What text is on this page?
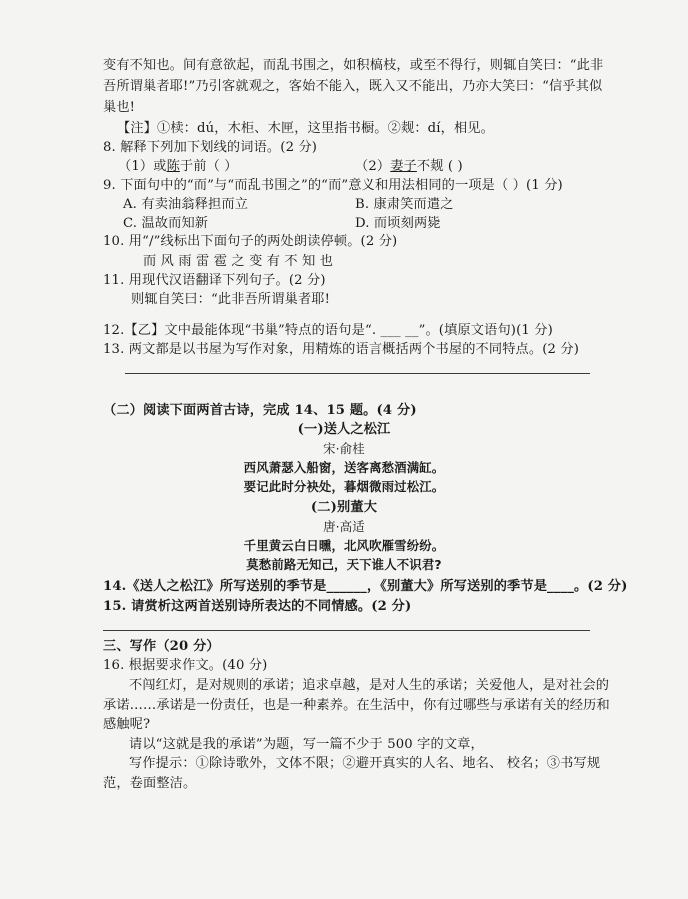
变有不知也。间有意欲起，而乱书围之，如积槁枝，或至不得行，则辄自笑曰：“此非
吾所谓巢者耶!”乃引客就观之，客始不能入，既入又不能出，乃亦大笑曰：“信乎其似
巢也!
【注】①椟：dú，木柜、木匣，这里指书橱。②觌：dí，相见。
8. 解释下列加下划线的词语。(2 分)
（1）或陈于前（ ）	（2）妻子不觌 ( )
9. 下面句中的“而”与“而乱书围之”的“而”意义和用法相同的一项是（ ）(1 分)
A. 有卖油翁释担而立	B. 康肃笑而遣之
C. 温故而知新	D. 而顷刻两毙
10. 用“/”线标出下面句子的两处朗读停顿。(2 分)
而 风 雨 雷 雹 之 变 有 不 知 也
11. 用现代汉语翻译下列句子。(2 分)
则辄自笑曰：“此非吾所谓巢者耶!
12.【乙】文中最能体现“书巢”特点的语句是“. ___ __”。(填原文语句)(1 分)
13. 两文都是以书屋为写作对象，用精炼的语言概括两个书屋的不同特点。(2 分)
（二）阅读下面两首古诗，完成 14、15 题。(4 分)
(一)送人之松江
宋·俞桂
西风萧瑟入船窗，送客离愁酒满缸。
要记此时分袂处，暮烟微雨过松江。
(二)别董大
唐·高适
千里黄云白日曛，北风吹雁雪纷纷。
莫愁前路无知己，天下谁人不识君?
14.《送人之松江》所写送别的季节是______，《别董大》所写送别的季节是____。(2 分)
15. 请赏析这两首送别诗所表达的不同情感。(2 分)
三、写作（20 分）
16. 根据要求作文。(40 分)
不闯红灯，是对规则的承诺；追求卓越，是对人生的承诺；关爱他人，是对社会的
承诺……承诺是一份责任，也是一种素养。在生活中，你有过哪些与承诺有关的经历和
感触呢?
请以“这就是我的承诺”为题，写一篇不少于 500 字的文章，
写作提示：①除诗歌外，文体不限；②避开真实的人名、地名、 校名；③书写规
范，卷面整洁。
